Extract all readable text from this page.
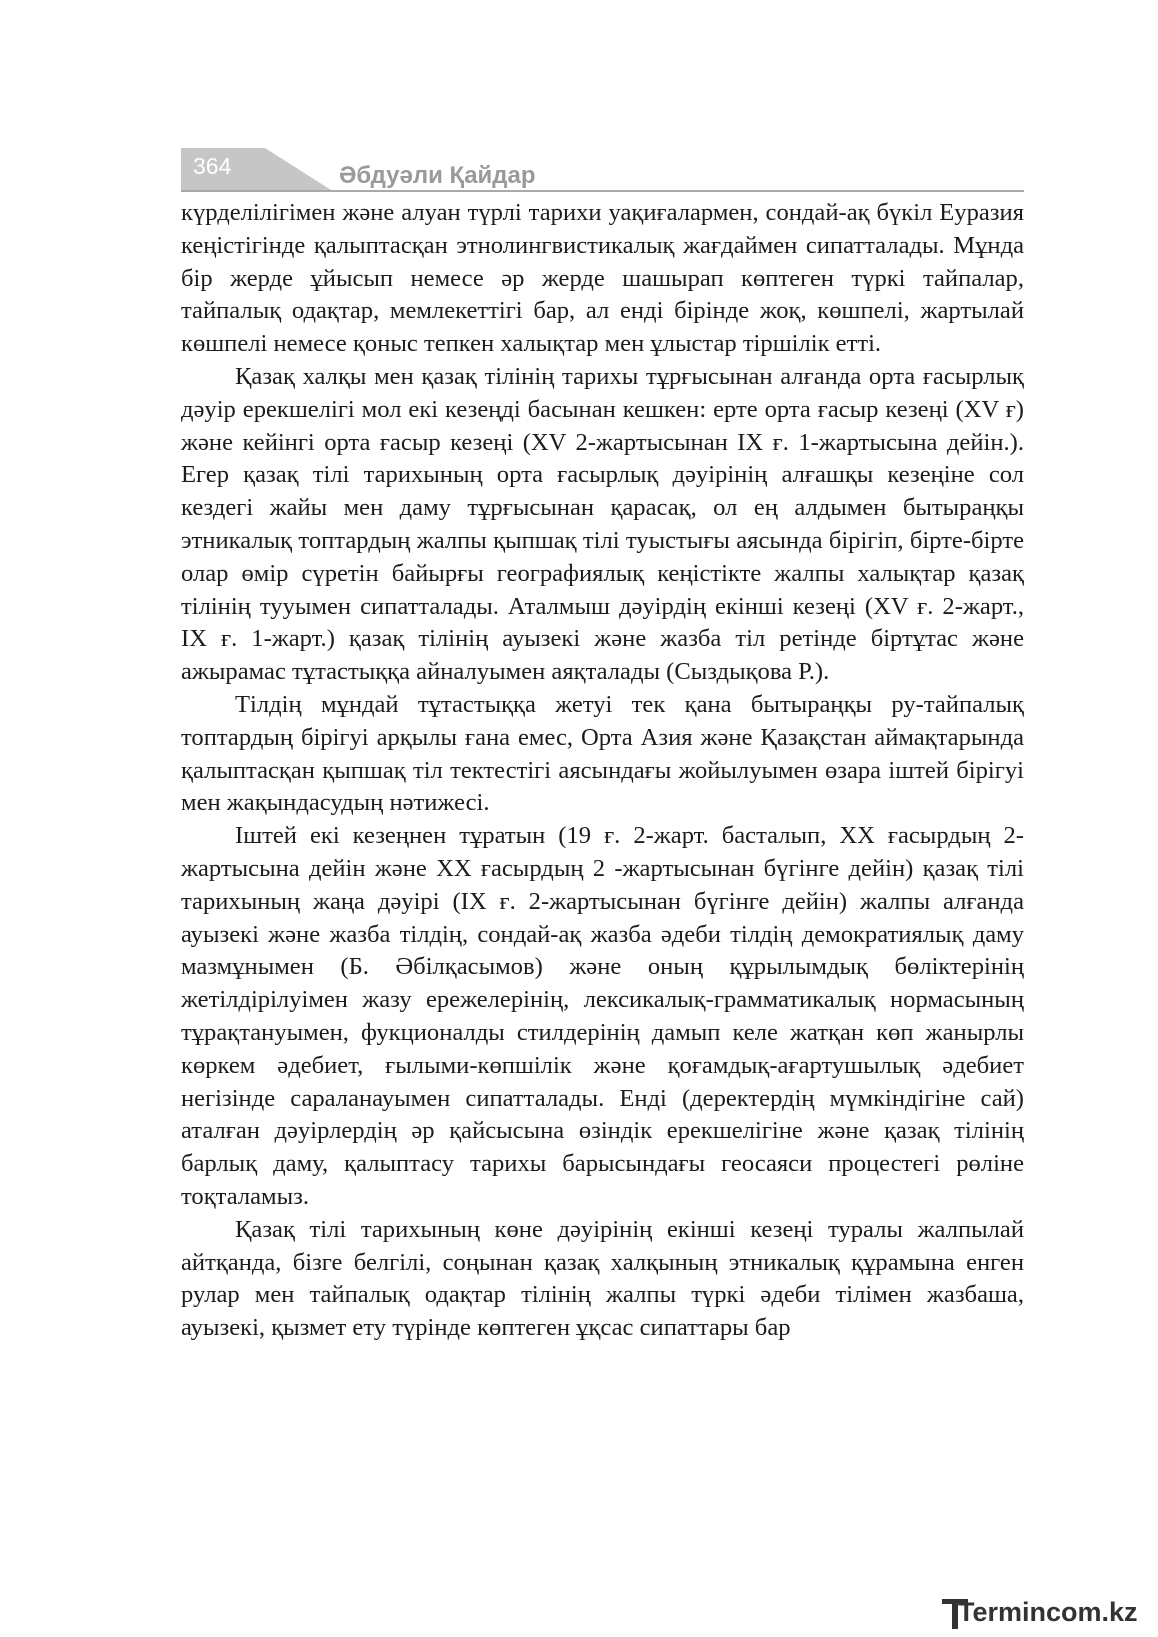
364	Әбдуәли Қайдар

күрделілігімен және алуан түрлі тарихи уақиғалармен, сондай-ақ бүкіл Еуразия кеңістігінде қалыптасқан этнолингвистикалық жағдаймен сипатталады. Мұнда бір жерде ұйысып немесе әр жерде шашырап көптеген түркі тайпалар, тайпалық одақтар, мемлекеттігі бар, ал енді бірінде жоқ, көшпелі, жартылай көшпелі немесе қоныс тепкен халықтар мен ұлыстар тіршілік етті.

Қазақ халқы мен қазақ тілінің тарихы тұрғысынан алғанда орта ғасырлық дәуір ерекшелігі мол екі кезеңді басынан кешкен: ерте орта ғасыр кезеңі (XV ғ) және кейінгі орта ғасыр кезеңі (XV 2-жартысынан IX ғ. 1-жартысына дейін.). Егер қазақ тілі тарихының орта ғасырлық дәуірінің алғашқы кезеңіне сол кездегі жайы мен даму тұрғысынан қарасақ, ол ең алдымен бытыраңқы этникалық топтардың жалпы қыпшақ тілі туыстығы аясында бірігіп, бірте-бірте олар өмір сүретін байырғы географиялық кеңістікте жалпы халықтар қазақ тілінің тууымен сипатталады. Аталмыш дәуірдің екінші кезеңі (XV ғ. 2-жарт., IX ғ. 1-жарт.) қазақ тілінің ауызекі және жазба тіл ретінде біртұтас және ажырамас тұтастыққа айналуымен аяқталады (Сыздықова Р.).

Тілдің мұндай тұтастыққа жетуі тек қана бытыраңқы ру-тайпалық топтардың бірігуі арқылы ғана емес, Орта Азия және Қазақстан аймақтарында қалыптасқан қыпшақ тіл тектестігі аясындағы жойылуымен өзара іштей бірігуі мен жақындасудың нәтижесі.

Іштей екі кезеңнен тұратын (19 ғ. 2-жарт. басталып, XX ғасырдың 2-жартысына дейін және XX ғасырдың 2 -жартысынан бүгінге дейін) қазақ тілі тарихының жаңа дәуірі (IX ғ. 2-жартысынан бүгінге дейін) жалпы алғанда ауызекі және жазба тілдің, сондай-ақ жазба әдеби тілдің демократиялық даму мазмұнымен (Б. Әбілқасымов) және оның құрылымдық бөліктерінің жетілдірілуімен жазу ережелерінің, лексикалық-грамматикалық нормасының тұрақтануымен, фукционалды стилдерінің дамып келе жатқан көп жанырлы көркем әдебиет, ғылыми-көпшілік және қоғамдық-ағартушылық әдебиет негізінде сараланауымен сипатталады. Енді (деректердің мүмкіндігіне сай) аталған дәуірлердің әр қайсысына өзіндік ерекшелігіне және қазақ тілінің барлық даму, қалыптасу тарихы барысындағы геосаяси процестегі рөліне тоқталамыз.

Қазақ тілі тарихының көне дәуірінің екінші кезеңі туралы жалпылай айтқанда, бізге белгілі, соңынан қазақ халқының этникалық құрамына енген рулар мен тайпалық одақтар тілінің жалпы түркі әдеби тілімен жазбаша, ауызекі, қызмет ету түрінде көптеген ұқсас сипаттары бар

Termincom.kz
